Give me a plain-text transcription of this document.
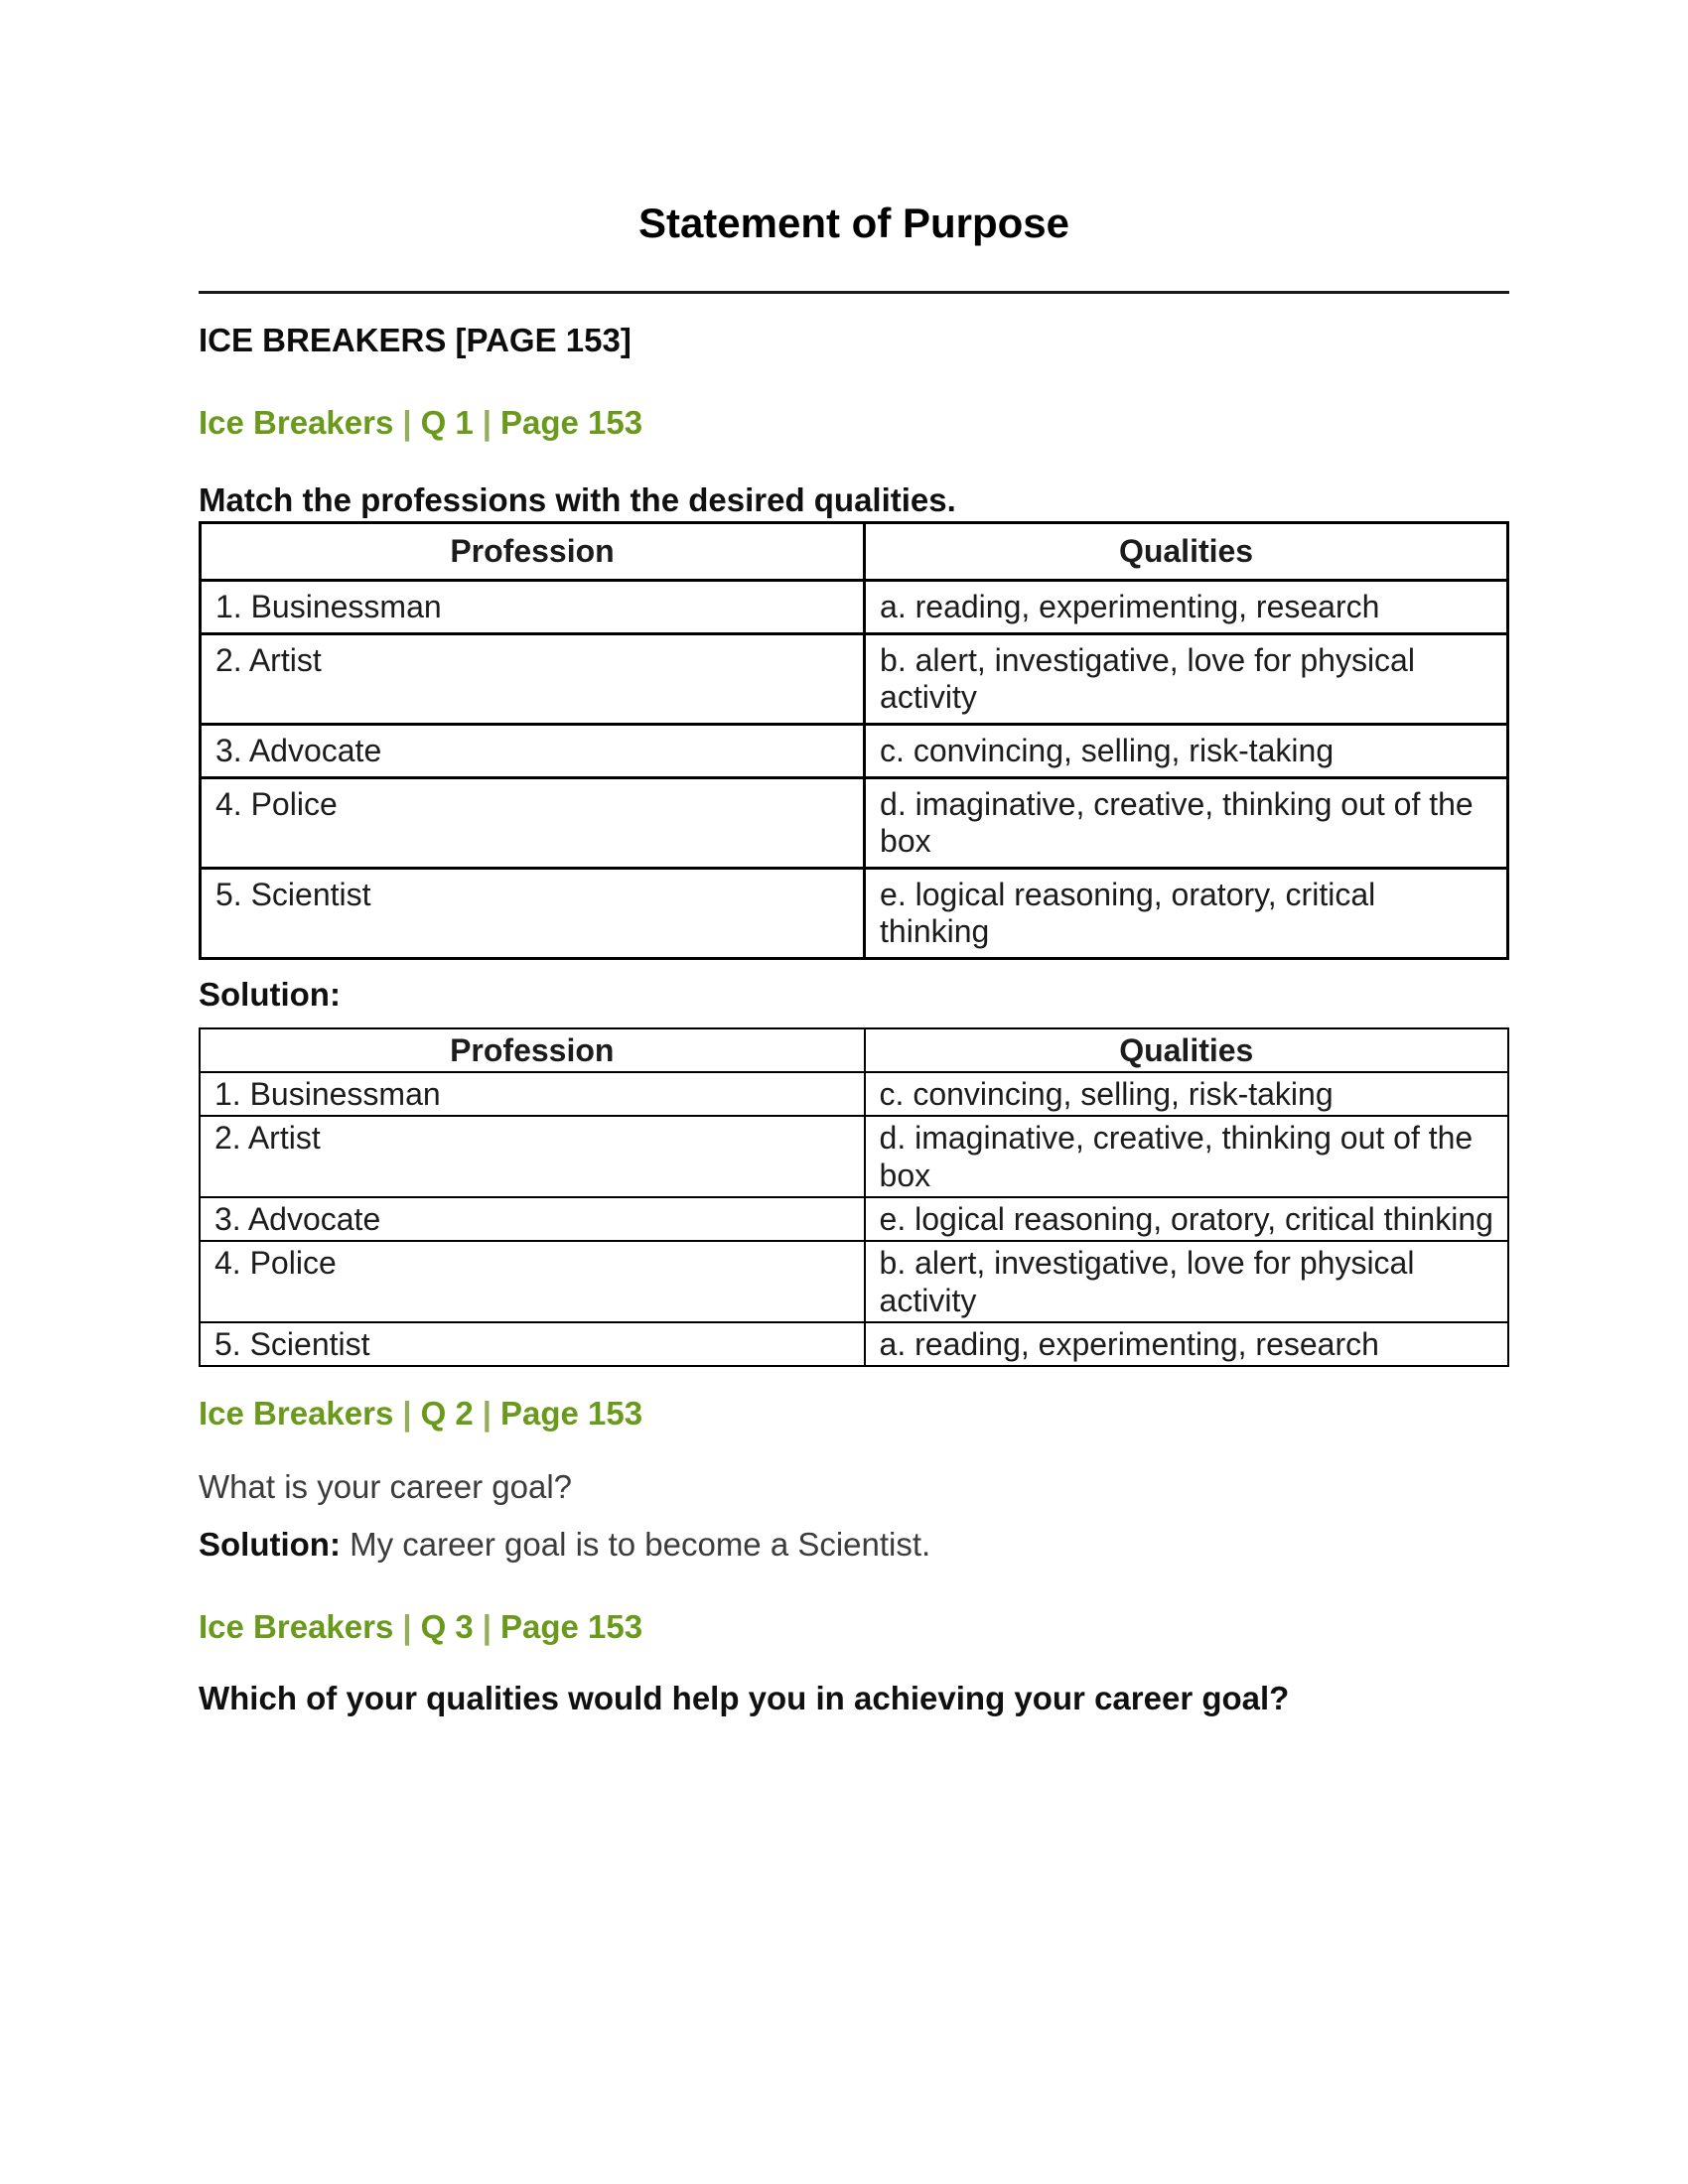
Statement of Purpose
ICE BREAKERS [PAGE 153]
Ice Breakers | Q 1 | Page 153

Match the professions with the desired qualities.

Profession	Qualities
1. Businessman	a. reading, experimenting, research
2. Artist	b. alert, investigative, love for physical activity
3. Advocate	c. convincing, selling, risk-taking
4. Police	d. imaginative, creative, thinking out of the box
5. Scientist	e. logical reasoning, oratory, critical thinking

Solution:

Profession	Qualities
1. Businessman	c. convincing, selling, risk-taking
2. Artist	d. imaginative, creative, thinking out of the box
3. Advocate	e. logical reasoning, oratory, critical thinking
4. Police	b. alert, investigative, love for physical activity
5. Scientist	a. reading, experimenting, research
Ice Breakers | Q 2 | Page 153

What is your career goal?

Solution: My career goal is to become a Scientist.

Ice Breakers | Q 3 | Page 153

Which of your qualities would help you in achieving your career goal?
